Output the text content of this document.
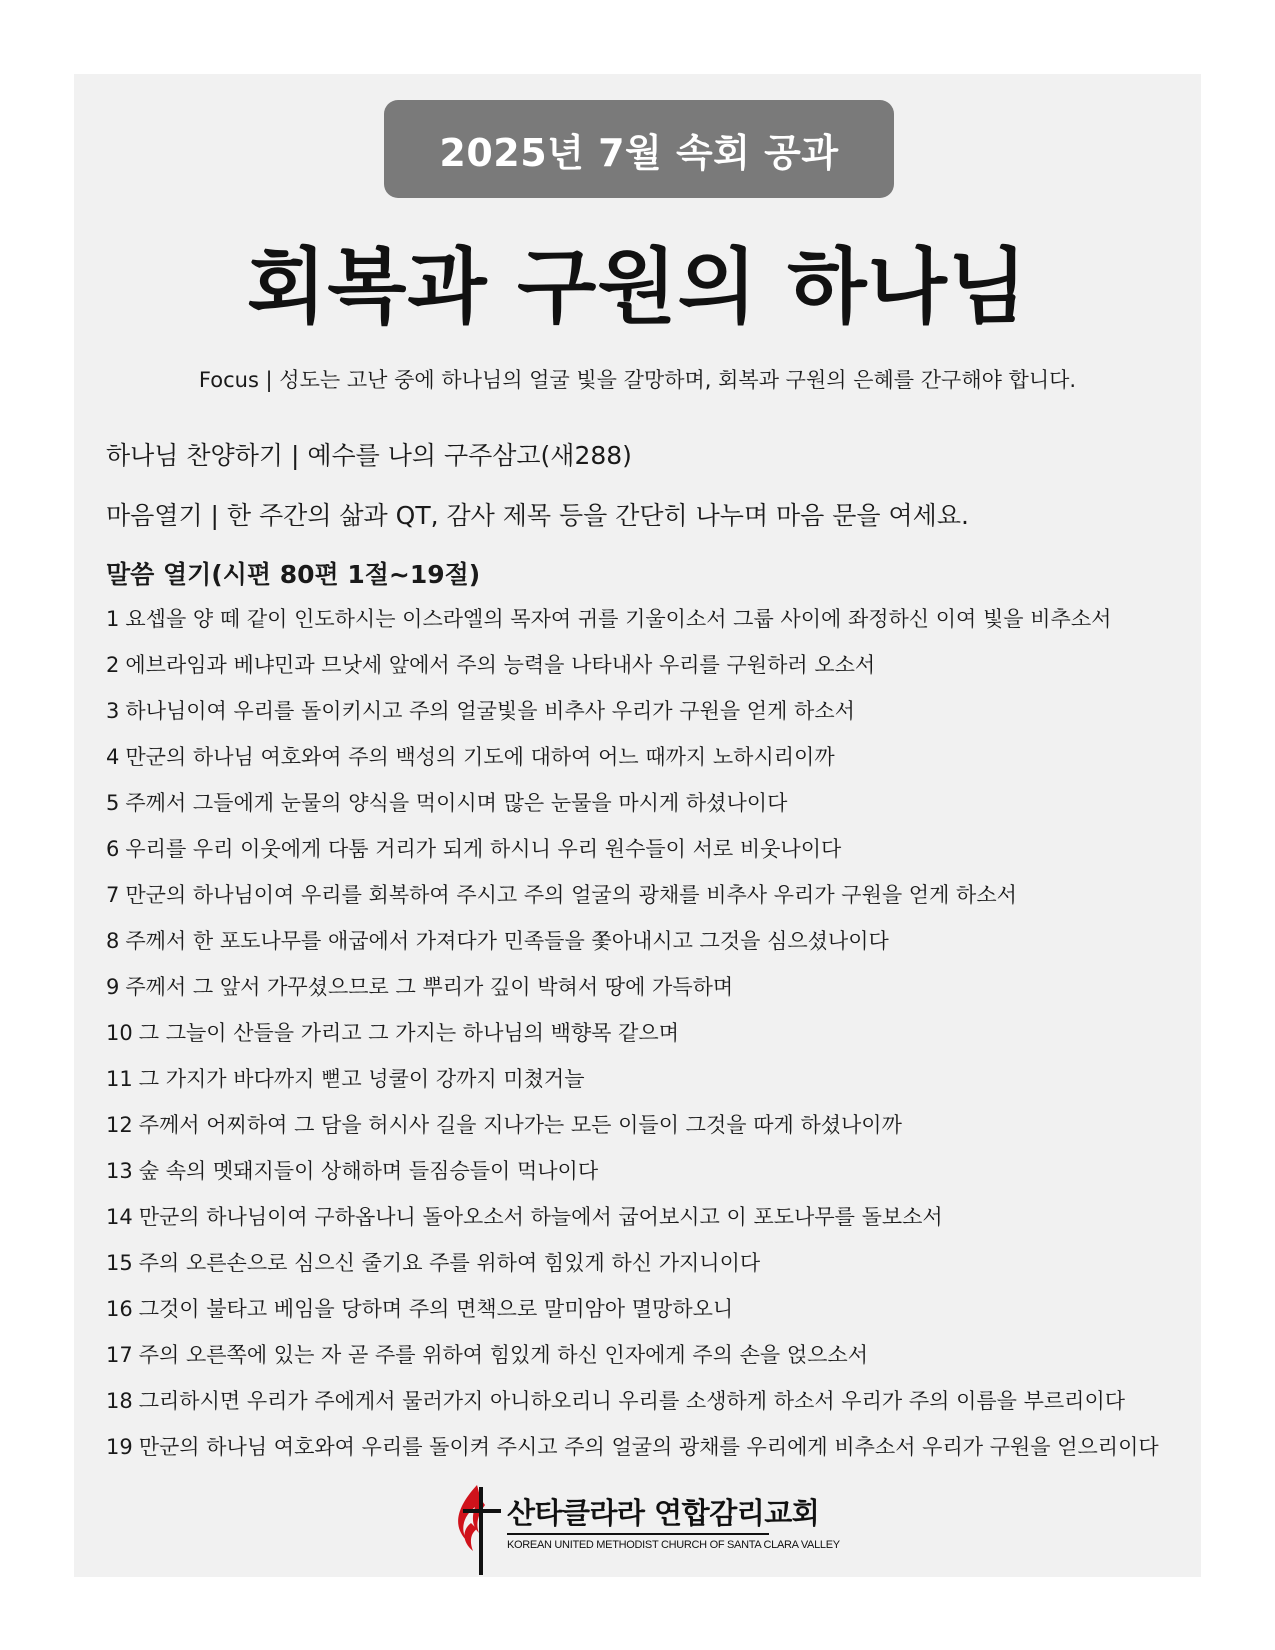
2025년 7월 속회 공과
회복과 구원의 하나님
Focus | 성도는 고난 중에 하나님의 얼굴 빛을 갈망하며, 회복과 구원의 은혜를 간구해야 합니다.
하나님 찬양하기 | 예수를 나의 구주삼고(새288)
마음열기 | 한 주간의 삶과 QT, 감사 제목 등을 간단히 나누며 마음 문을 여세요.
말씀 열기(시편 80편 1절~19절)
1 요셉을 양 떼 같이 인도하시는 이스라엘의 목자여 귀를 기울이소서 그룹 사이에 좌정하신 이여 빛을 비추소서
2 에브라임과 베냐민과 므낫세 앞에서 주의 능력을 나타내사 우리를 구원하러 오소서
3 하나님이여 우리를 돌이키시고 주의 얼굴빛을 비추사 우리가 구원을 얻게 하소서
4 만군의 하나님 여호와여 주의 백성의 기도에 대하여 어느 때까지 노하시리이까
5 주께서 그들에게 눈물의 양식을 먹이시며 많은 눈물을 마시게 하셨나이다
6 우리를 우리 이웃에게 다툼 거리가 되게 하시니 우리 원수들이 서로 비웃나이다
7 만군의 하나님이여 우리를 회복하여 주시고 주의 얼굴의 광채를 비추사 우리가 구원을 얻게 하소서
8 주께서 한 포도나무를 애굽에서 가져다가 민족들을 쫓아내시고 그것을 심으셨나이다
9 주께서 그 앞서 가꾸셨으므로 그 뿌리가 깊이 박혀서 땅에 가득하며
10 그 그늘이 산들을 가리고 그 가지는 하나님의 백향목 같으며
11 그 가지가 바다까지 뻗고 넝쿨이 강까지 미쳤거늘
12 주께서 어찌하여 그 담을 허시사 길을 지나가는 모든 이들이 그것을 따게 하셨나이까
13 숲 속의 멧돼지들이 상해하며 들짐승들이 먹나이다
14 만군의 하나님이여 구하옵나니 돌아오소서 하늘에서 굽어보시고 이 포도나무를 돌보소서
15 주의 오른손으로 심으신 줄기요 주를 위하여 힘있게 하신 가지니이다
16 그것이 불타고 베임을 당하며 주의 면책으로 말미암아 멸망하오니
17 주의 오른쪽에 있는 자 곧 주를 위하여 힘있게 하신 인자에게 주의 손을 얹으소서
18 그리하시면 우리가 주에게서 물러가지 아니하오리니 우리를 소생하게 하소서 우리가 주의 이름을 부르리이다
19 만군의 하나님 여호와여 우리를 돌이켜 주시고 주의 얼굴의 광채를 우리에게 비추소서 우리가 구원을 얻으리이다
산타클라라 연합감리교회
KOREAN UNITED METHODIST CHURCH OF SANTA CLARA VALLEY
